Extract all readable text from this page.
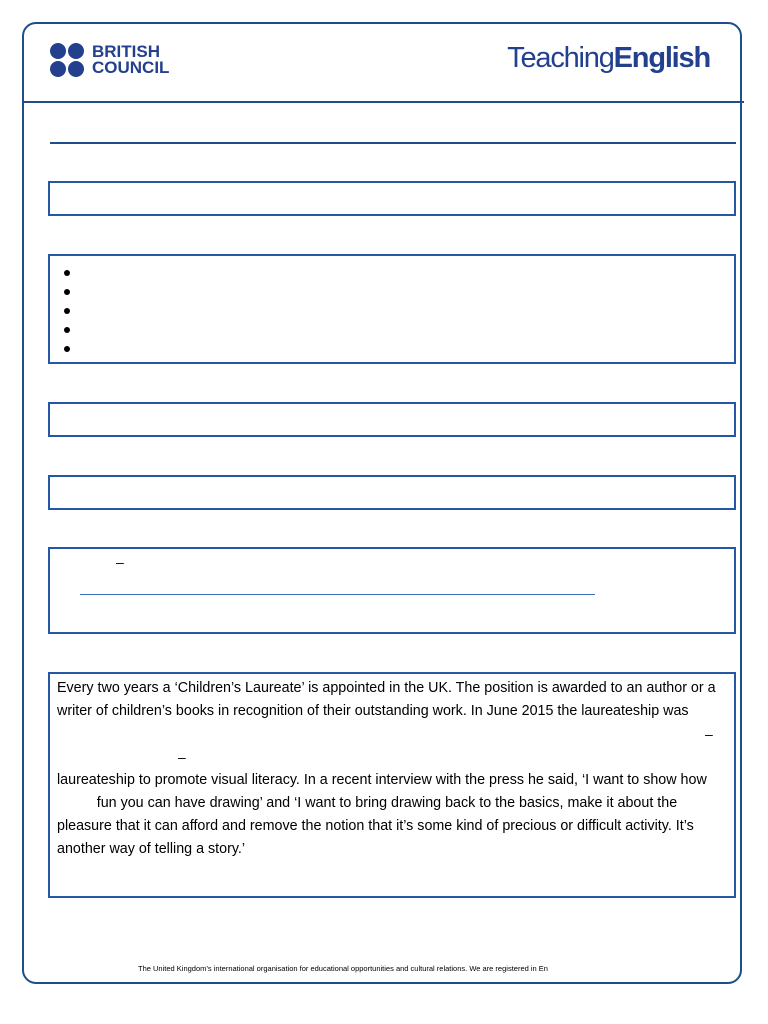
BRITISH
COUNCIL	TeachingEnglish
–
Every two years a ‘Children’s Laureate’ is appointed in the UK. The position is awarded to an author or a
writer of children’s books in recognition of their outstanding work. In June 2015 the laureateship was
laureateship to promote visual literacy. In a recent interview with the press he said, ‘I want to show how
fun you can have drawing’ and ‘I want to bring drawing back to the basics, make it about the
pleasure that it can afford and remove the notion that it’s some kind of precious or difficult activity. It’s
another way of telling a story.’
–
–
The United Kingdom’s international organisation for educational opportunities and cultural relations. We are registered in En
